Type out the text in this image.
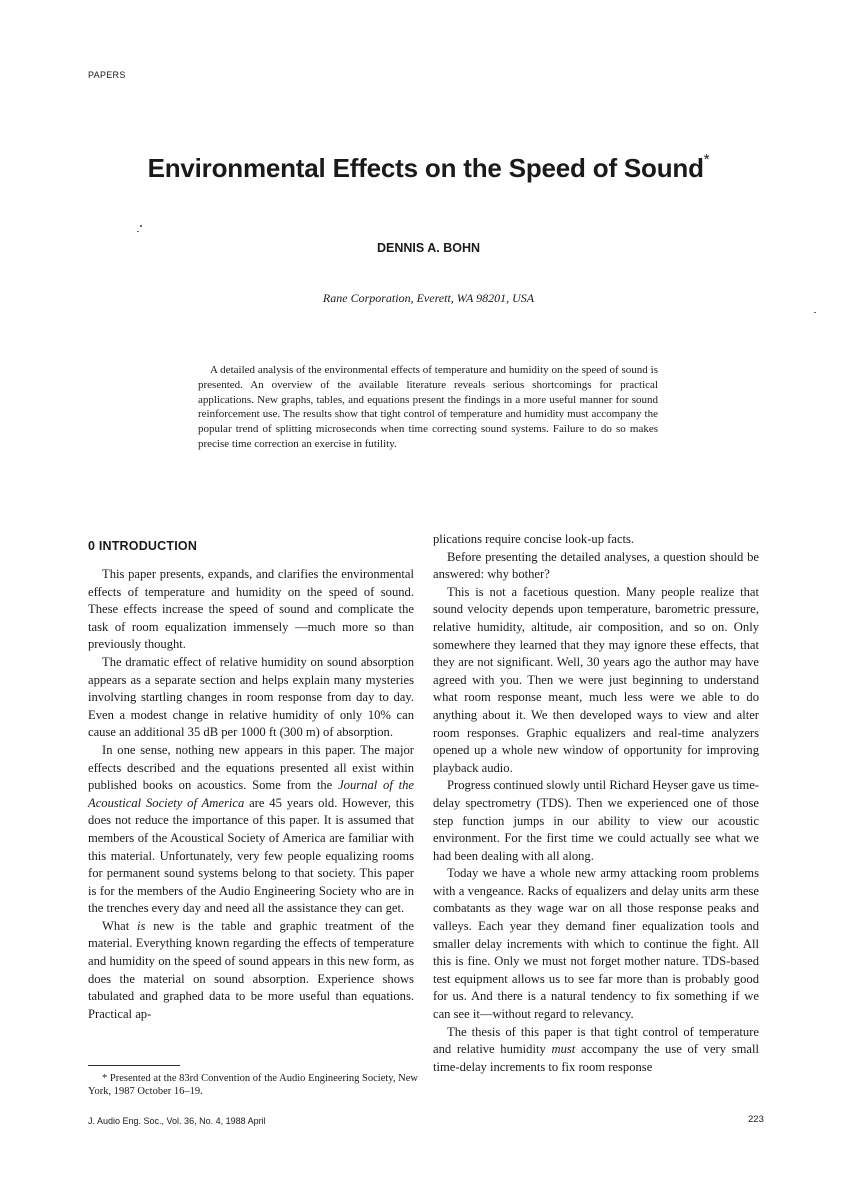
PAPERS
Environmental Effects on the Speed of Sound*
DENNIS A. BOHN
Rane Corporation, Everett, WA 98201, USA

A detailed analysis of the environmental effects of temperature and humidity on the speed of sound is presented. An overview of the available literature reveals serious shortcomings for practical applications. New graphs, tables, and equations present the findings in a more useful manner for sound reinforcement use. The results show that tight control of temperature and humidity must accompany the popular trend of splitting microseconds when time correcting sound systems. Failure to do so makes precise time correction an exercise in futility.

0 INTRODUCTION

This paper presents, expands, and clarifies the environmental effects of temperature and humidity on the speed of sound. These effects increase the speed of sound and complicate the task of room equalization immensely —much more so than previously thought.

The dramatic effect of relative humidity on sound absorption appears as a separate section and helps explain many mysteries involving startling changes in room response from day to day. Even a modest change in relative humidity of only 10% can cause an additional 35 dB per 1000 ft (300 m) of absorption.

In one sense, nothing new appears in this paper. The major effects described and the equations presented all exist within published books on acoustics. Some from the Journal of the Acoustical Society of America are 45 years old. However, this does not reduce the importance of this paper. It is assumed that members of the Acoustical Society of America are familiar with this material. Unfortunately, very few people equalizing rooms for permanent sound systems belong to that society. This paper is for the members of the Audio Engineering Society who are in the trenches every day and need all the assistance they can get.

What is new is the table and graphic treatment of the material. Everything known regarding the effects of temperature and humidity on the speed of sound appears in this new form, as does the material on sound absorption. Experience shows tabulated and graphed data to be more useful than equations. Practical ap-

plications require concise look-up facts.

Before presenting the detailed analyses, a question should be answered: why bother?

This is not a facetious question. Many people realize that sound velocity depends upon temperature, barometric pressure, relative humidity, altitude, air composition, and so on. Only somewhere they learned that they may ignore these effects, that they are not significant. Well, 30 years ago the author may have agreed with you. Then we were just beginning to understand what room response meant, much less were we able to do anything about it. We then developed ways to view and alter room responses. Graphic equalizers and real-time analyzers opened up a whole new window of opportunity for improving playback audio.

Progress continued slowly until Richard Heyser gave us time-delay spectrometry (TDS). Then we experienced one of those step function jumps in our ability to view our acoustic environment. For the first time we could actually see what we had been dealing with all along.

Today we have a whole new army attacking room problems with a vengeance. Racks of equalizers and delay units arm these combatants as they wage war on all those response peaks and valleys. Each year they demand finer equalization tools and smaller delay increments with which to continue the fight. All this is fine. Only we must not forget mother nature. TDS-based test equipment allows us to see far more than is probably good for us. And there is a natural tendency to fix something if we can see it—without regard to relevancy.

The thesis of this paper is that tight control of temperature and relative humidity must accompany the use of very small time-delay increments to fix room response

* Presented at the 83rd Convention of the Audio Engineering Society, New York, 1987 October 16–19.

J. Audio Eng. Soc., Vol. 36, No. 4, 1988 April	223
